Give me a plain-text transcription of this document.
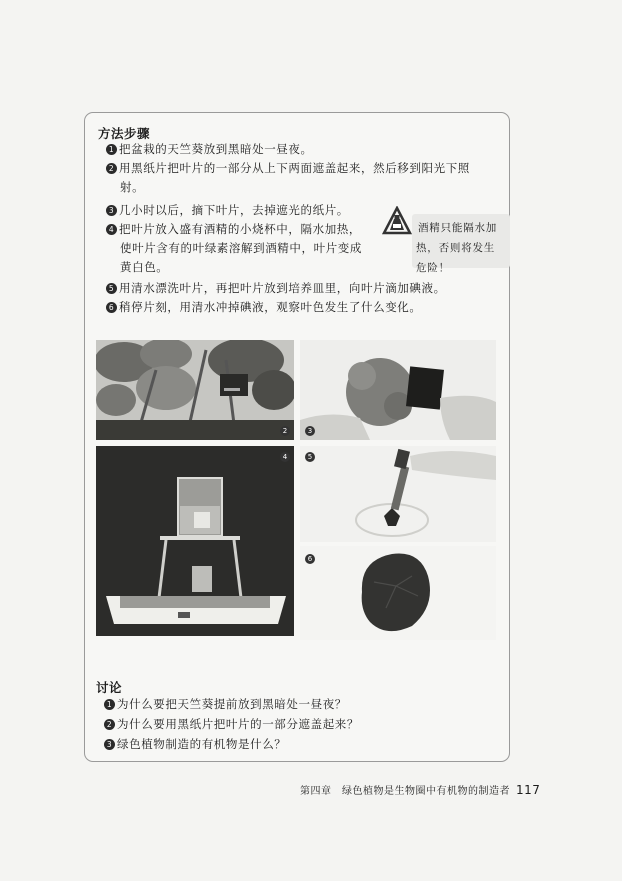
方法步骤
1 把盆栽的天竺葵放到黑暗处一昼夜。
2 用黑纸片把叶片的一部分从上下两面遮盖起来，然后移到阳光下照
射。
3 几小时以后，摘下叶片，去掉遮光的纸片。
4 把叶片放入盛有酒精的小烧杯中，隔水加热，
使叶片含有的叶绿素溶解到酒精中，叶片变成
黄白色。
5 用清水漂洗叶片，再把叶片放到培养皿里，向叶片滴加碘液。
6 稍停片刻，用清水冲掉碘液，观察叶色发生了什么变化。
酒精只能隔水加
热，否则将发生危险！
2	3
4	5
6
讨论
1 为什么要把天竺葵提前放到黑暗处一昼夜？
2 为什么要用黑纸片把叶片的一部分遮盖起来？
3 绿色植物制造的有机物是什么？
第四章　绿色植物是生物圈中有机物的制造者 117
